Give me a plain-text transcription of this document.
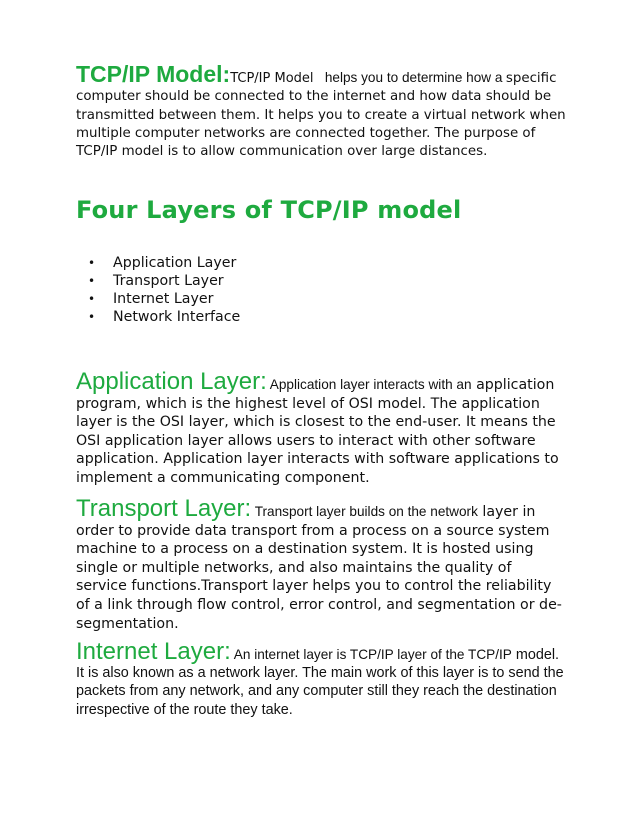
TCP/IP Model:TCP/IP Model   helps you to determine how a specific computer should be connected to the internet and how data should be transmitted between them. It helps you to create a virtual network when multiple computer networks are connected together. The purpose of TCP/IP model is to allow communication over large distances.
Four Layers of TCP/IP model
• Application Layer
• Transport Layer
• Internet Layer
• Network Interface
Application Layer: Application layer interacts with an application program, which is the highest level of OSI model. The application layer is the OSI layer, which is closest to the end-user. It means the OSI application layer allows users to interact with other software application. Application layer interacts with software applications to implement a communicating component.
Transport Layer: Transport layer builds on the network layer in order to provide data transport from a process on a source system machine to a process on a destination system. It is hosted using single or multiple networks, and also maintains the quality of service functions.Transport layer helps you to control the reliability of a link through flow control, error control, and segmentation or de-segmentation.
Internet Layer: An internet layer is TCP/IP layer of the TCP/IP model. It is also known as a network layer. The main work of this layer is to send the packets from any network, and any computer still they reach the destination irrespective of the route they take.
